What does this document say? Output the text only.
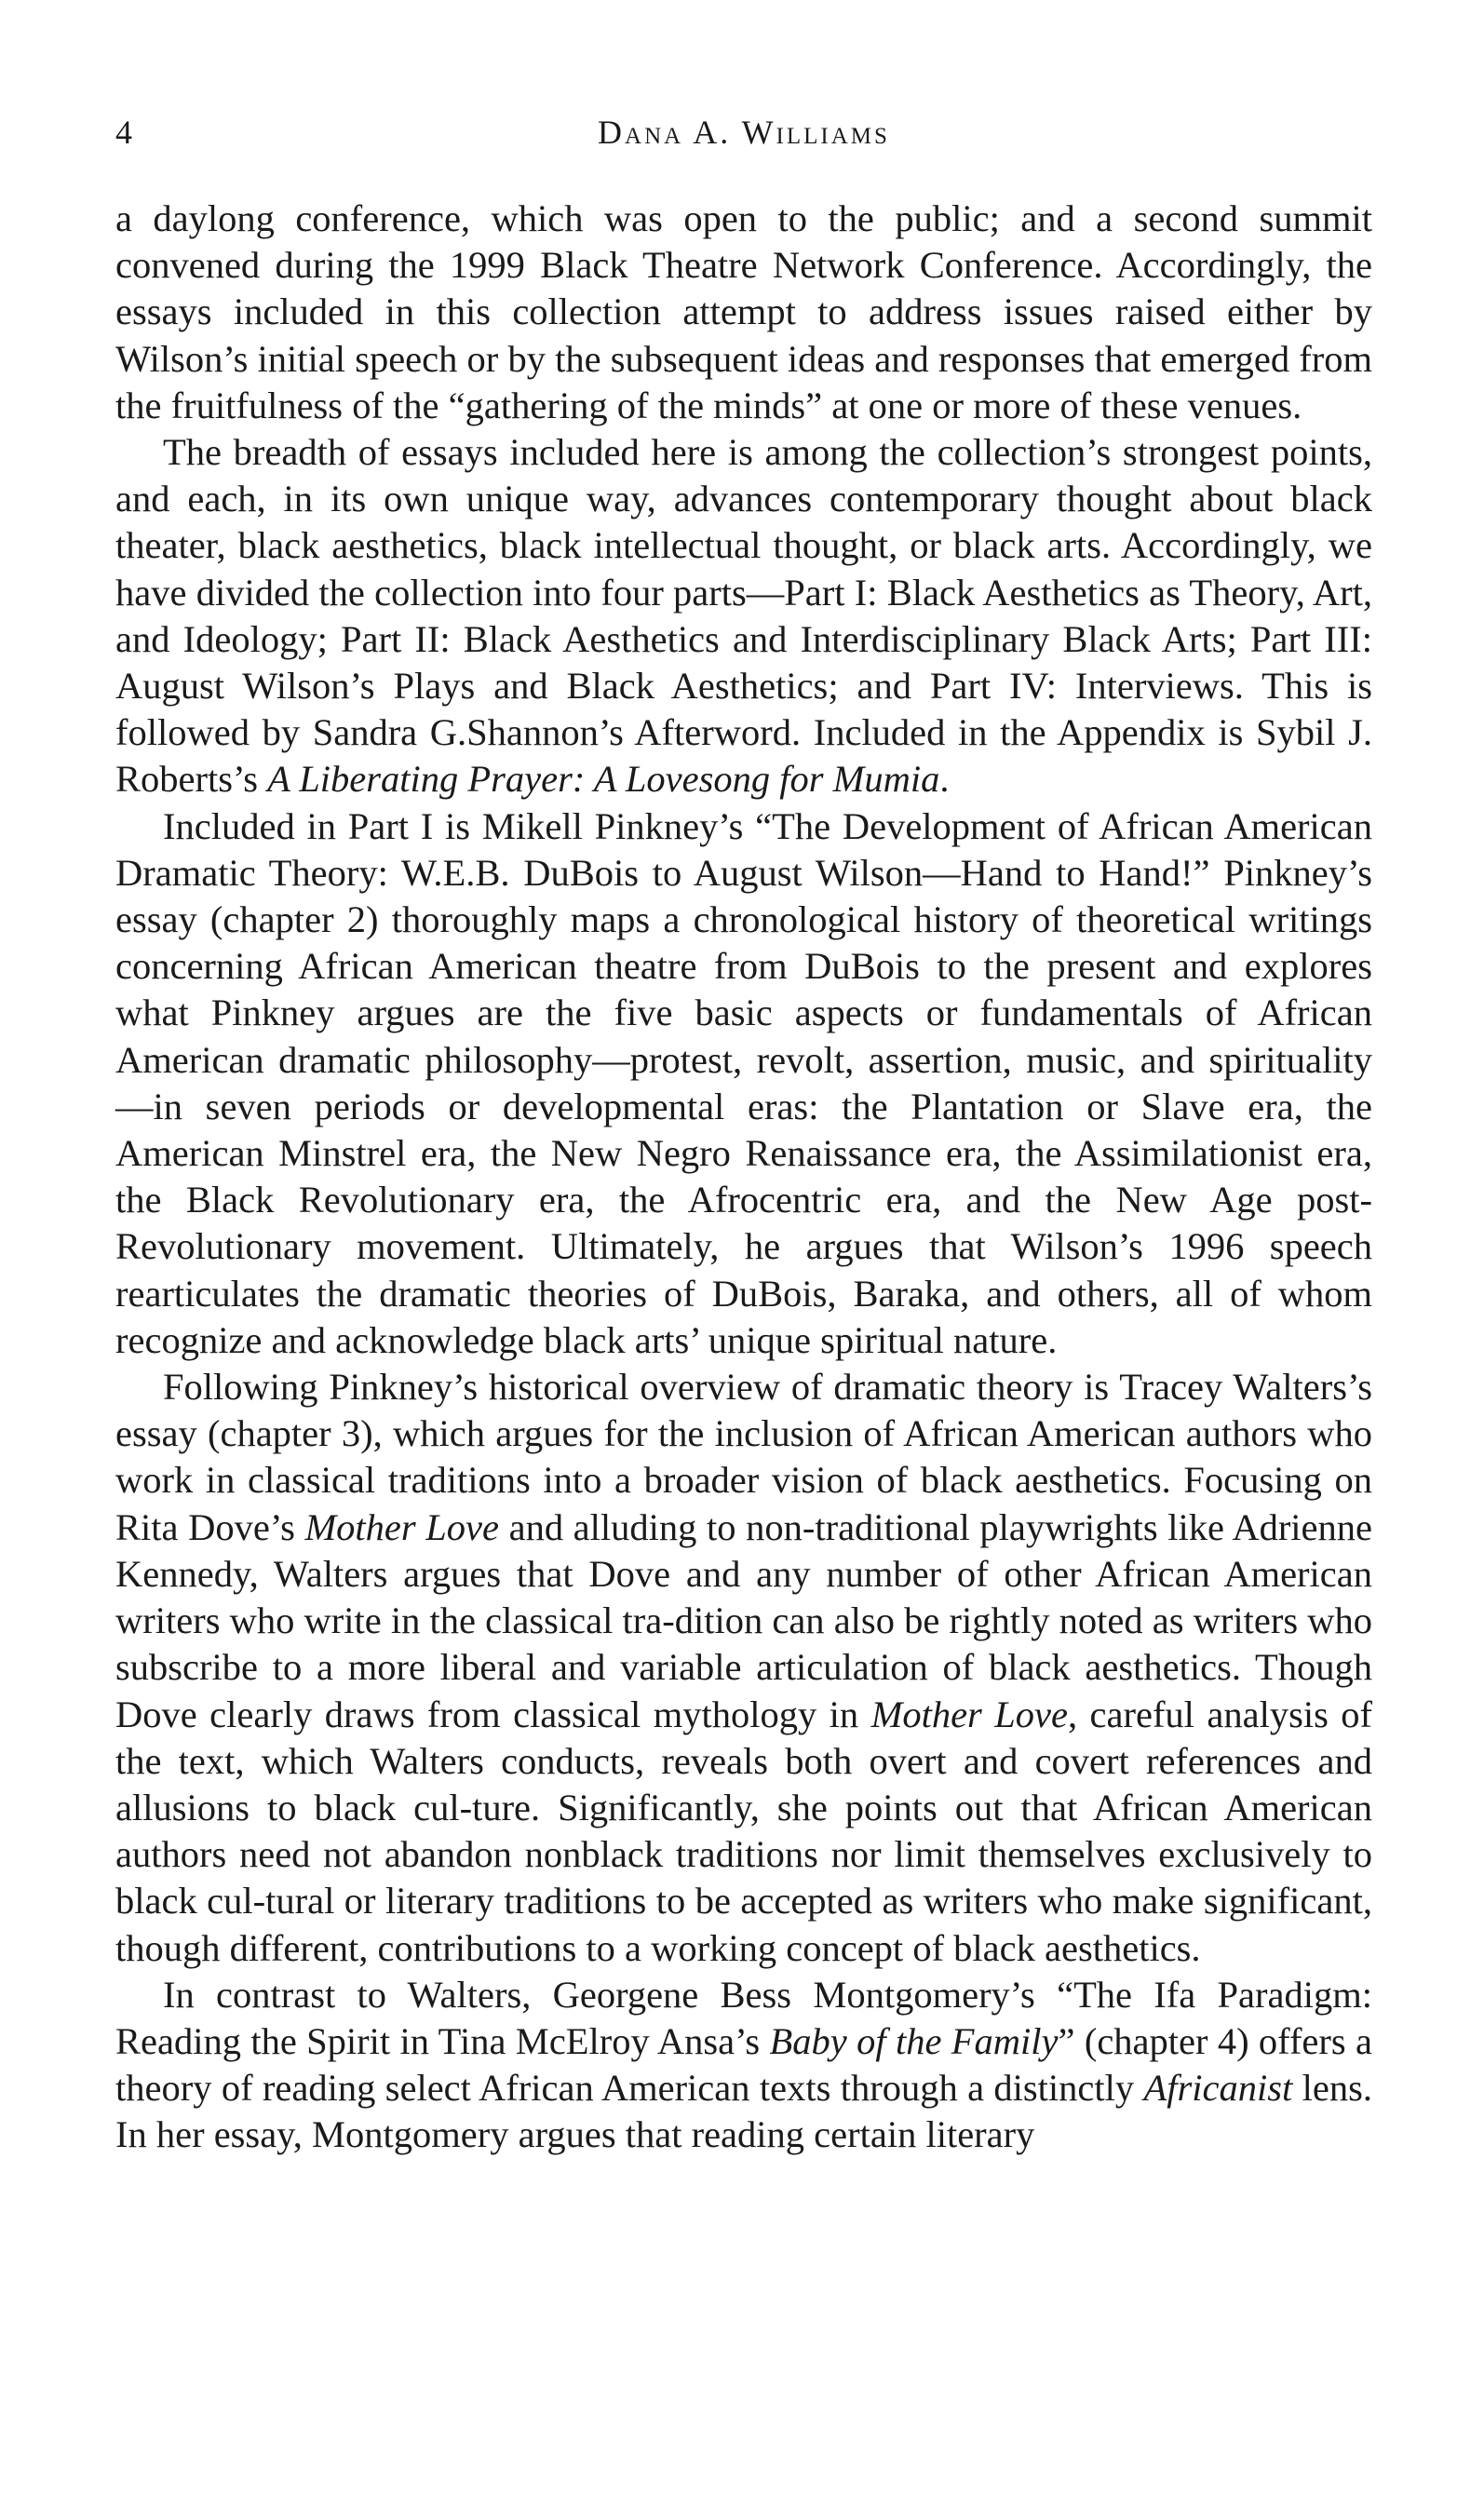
4	Dana A. Williams

a daylong conference, which was open to the public; and a second summit convened during the 1999 Black Theatre Network Conference. Accordingly, the essays included in this collection attempt to address issues raised either by Wilson’s initial speech or by the subsequent ideas and responses that emerged from the fruitfulness of the “gathering of the minds” at one or more of these venues.

The breadth of essays included here is among the collection’s strongest points, and each, in its own unique way, advances contemporary thought about black theater, black aesthetics, black intellectual thought, or black arts. Accordingly, we have divided the collection into four parts—Part I: Black Aesthetics as Theory, Art, and Ideology; Part II: Black Aesthetics and Interdisciplinary Black Arts; Part III: August Wilson’s Plays and Black Aesthetics; and Part IV: Interviews. This is followed by Sandra G.Shannon’s Afterword. Included in the Appendix is Sybil J. Roberts’s A Liberating Prayer: A Lovesong for Mumia.

Included in Part I is Mikell Pinkney’s “The Development of African American Dramatic Theory: W.E.B. DuBois to August Wilson—Hand to Hand!” Pinkney’s essay (chapter 2) thoroughly maps a chronological history of theoretical writings concerning African American theatre from DuBois to the present and explores what Pinkney argues are the five basic aspects or fundamentals of African American dramatic philosophy—protest, revolt, assertion, music, and spirituality—in seven periods or developmental eras: the Plantation or Slave era, the American Minstrel era, the New Negro Renaissance era, the Assimilationist era, the Black Revolutionary era, the Afrocentric era, and the New Age post-Revolutionary movement. Ultimately, he argues that Wilson’s 1996 speech rearticulates the dramatic theories of DuBois, Baraka, and others, all of whom recognize and acknowledge black arts’ unique spiritual nature.

Following Pinkney’s historical overview of dramatic theory is Tracey Walters’s essay (chapter 3), which argues for the inclusion of African American authors who work in classical traditions into a broader vision of black aesthetics. Focusing on Rita Dove’s Mother Love and alluding to non-traditional playwrights like Adrienne Kennedy, Walters argues that Dove and any number of other African American writers who write in the classical tra-dition can also be rightly noted as writers who subscribe to a more liberal and variable articulation of black aesthetics. Though Dove clearly draws from classical mythology in Mother Love, careful analysis of the text, which Walters conducts, reveals both overt and covert references and allusions to black cul-ture. Significantly, she points out that African American authors need not abandon nonblack traditions nor limit themselves exclusively to black cul-tural or literary traditions to be accepted as writers who make significant, though different, contributions to a working concept of black aesthetics.

In contrast to Walters, Georgene Bess Montgomery’s “The Ifa Paradigm: Reading the Spirit in Tina McElroy Ansa’s Baby of the Family” (chapter 4) offers a theory of reading select African American texts through a distinctly Africanist lens. In her essay, Montgomery argues that reading certain literary
